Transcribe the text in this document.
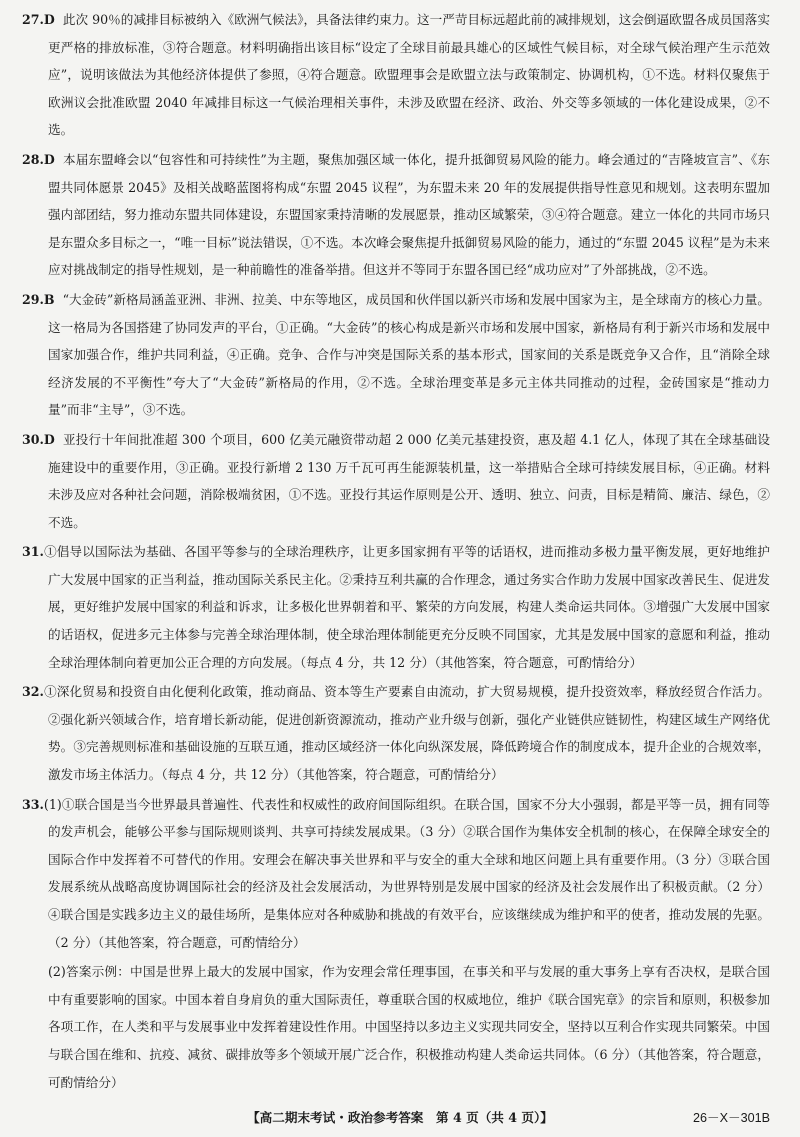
27.D 此次 90％的减排目标被纳入《欧洲气候法》，具备法律约束力。这一严苛目标远超此前的减排规划，这会倒逼欧盟各成员国落实更严格的排放标准，③符合题意。材料明确指出该目标“设定了全球目前最具雄心的区域性气候目标，对全球气候治理产生示范效应”，说明该做法为其他经济体提供了参照，④符合题意。欧盟理事会是欧盟立法与政策制定、协调机构，①不选。材料仅聚焦于欧洲议会批准欧盟 2040 年减排目标这一气候治理相关事件，未涉及欧盟在经济、政治、外交等多领域的一体化建设成果，②不选。

28.D 本届东盟峰会以“包容性和可持续性”为主题，聚焦加强区域一体化，提升抵御贸易风险的能力。峰会通过的“吉隆坡宣言”、《东盟共同体愿景 2045》及相关战略蓝图将构成“东盟 2045 议程”，为东盟未来 20 年的发展提供指导性意见和规划。这表明东盟加强内部团结，努力推动东盟共同体建设，东盟国家秉持清晰的发展愿景，推动区域繁荣，③④符合题意。建立一体化的共同市场只是东盟众多目标之一，“唯一目标”说法错误，①不选。本次峰会聚焦提升抵御贸易风险的能力，通过的“东盟 2045 议程”是为未来应对挑战制定的指导性规划，是一种前瞻性的准备举措。但这并不等同于东盟各国已经“成功应对”了外部挑战，②不选。

29.B “大金砖”新格局涵盖亚洲、非洲、拉美、中东等地区，成员国和伙伴国以新兴市场和发展中国家为主，是全球南方的核心力量。这一格局为各国搭建了协同发声的平台，①正确。“大金砖”的核心构成是新兴市场和发展中国家，新格局有利于新兴市场和发展中国家加强合作，维护共同利益，④正确。竞争、合作与冲突是国际关系的基本形式，国家间的关系是既竞争又合作，且“消除全球经济发展的不平衡性”夸大了“大金砖”新格局的作用，②不选。全球治理变革是多元主体共同推动的过程，金砖国家是“推动力量”而非“主导”，③不选。

30.D 亚投行十年间批准超 300 个项目，600 亿美元融资带动超 2 000 亿美元基建投资，惠及超 4.1 亿人，体现了其在全球基础设施建设中的重要作用，③正确。亚投行新增 2 130 万千瓦可再生能源装机量，这一举措贴合全球可持续发展目标，④正确。材料未涉及应对各种社会问题，消除极端贫困，①不选。亚投行其运作原则是公开、透明、独立、问责，目标是精简、廉洁、绿色，②不选。

31.①倡导以国际法为基础、各国平等参与的全球治理秩序，让更多国家拥有平等的话语权，进而推动多极力量平衡发展，更好地维护广大发展中国家的正当利益，推动国际关系民主化。②秉持互利共赢的合作理念，通过务实合作助力发展中国家改善民生、促进发展，更好维护发展中国家的利益和诉求，让多极化世界朝着和平、繁荣的方向发展，构建人类命运共同体。③增强广大发展中国家的话语权，促进多元主体参与完善全球治理体制，使全球治理体制能更充分反映不同国家，尤其是发展中国家的意愿和利益，推动全球治理体制向着更加公正合理的方向发展。（每点 4 分，共 12 分）（其他答案，符合题意，可酌情给分）

32.①深化贸易和投资自由化便利化政策，推动商品、资本等生产要素自由流动，扩大贸易规模，提升投资效率，释放经贸合作活力。②强化新兴领域合作，培育增长新动能，促进创新资源流动，推动产业升级与创新，强化产业链供应链韧性，构建区域生产网络优势。③完善规则标准和基础设施的互联互通，推动区域经济一体化向纵深发展，降低跨境合作的制度成本，提升企业的合规效率，激发市场主体活力。（每点 4 分，共 12 分）（其他答案，符合题意，可酌情给分）

33.(1)①联合国是当今世界最具普遍性、代表性和权威性的政府间国际组织。在联合国，国家不分大小强弱，都是平等一员，拥有同等的发声机会，能够公平参与国际规则谈判、共享可持续发展成果。（3 分）②联合国作为集体安全机制的核心，在保障全球安全的国际合作中发挥着不可替代的作用。安理会在解决事关世界和平与安全的重大全球和地区问题上具有重要作用。（3 分）③联合国发展系统从战略高度协调国际社会的经济及社会发展活动，为世界特别是发展中国家的经济及社会发展作出了积极贡献。（2 分）④联合国是实践多边主义的最佳场所，是集体应对各种威胁和挑战的有效平台，应该继续成为维护和平的使者，推动发展的先驱。（2 分）（其他答案，符合题意，可酌情给分）

(2)答案示例：中国是世界上最大的发展中国家，作为安理会常任理事国，在事关和平与发展的重大事务上享有否决权，是联合国中有重要影响的国家。中国本着自身肩负的重大国际责任，尊重联合国的权威地位，维护《联合国宪章》的宗旨和原则，积极参加各项工作，在人类和平与发展事业中发挥着建设性作用。中国坚持以多边主义实现共同安全，坚持以互利合作实现共同繁荣。中国与联合国在维和、抗疫、减贫、碳排放等多个领域开展广泛合作，积极推动构建人类命运共同体。（6 分）（其他答案，符合题意，可酌情给分）

【高二期末考试・政治参考答案　第 4 页（共 4 页）】	26－X－301B
